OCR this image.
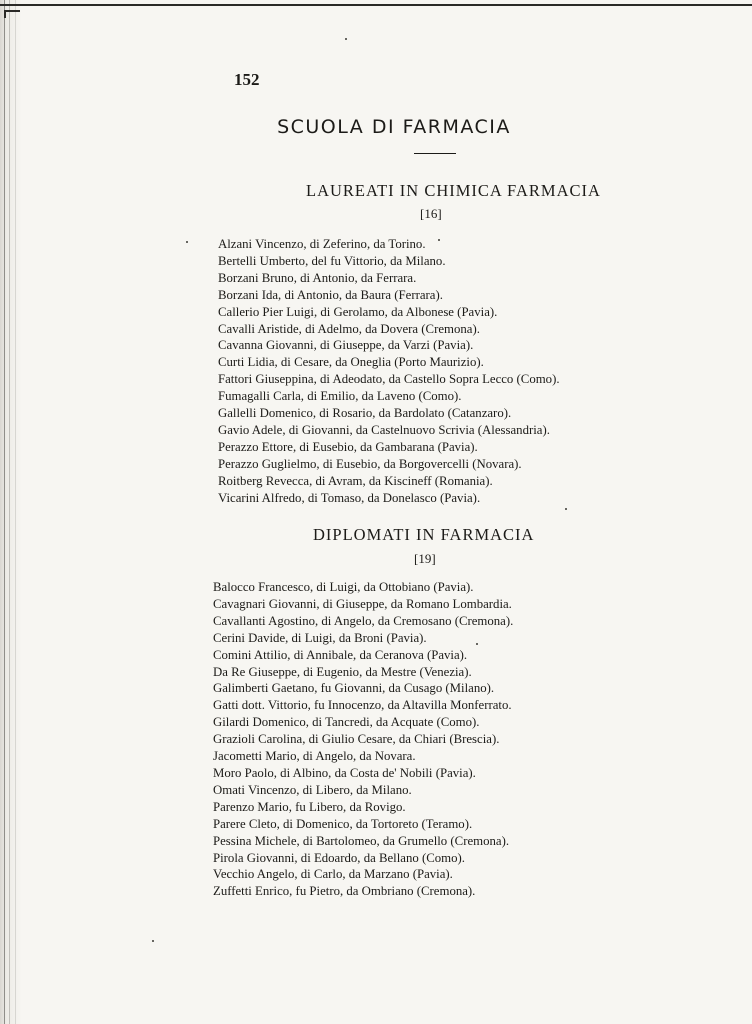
152
SCUOLA DI FARMACIA
LAUREATI IN CHIMICA FARMACIA
[16]
Alzani Vincenzo, di Zeferino, da Torino.
Bertelli Umberto, del fu Vittorio, da Milano.
Borzani Bruno, di Antonio, da Ferrara.
Borzani Ida, di Antonio, da Baura (Ferrara).
Callerio Pier Luigi, di Gerolamo, da Albonese (Pavia).
Cavalli Aristide, di Adelmo, da Dovera (Cremona).
Cavanna Giovanni, di Giuseppe, da Varzi (Pavia).
Curti Lidia, di Cesare, da Oneglia (Porto Maurizio).
Fattori Giuseppina, di Adeodato, da Castello Sopra Lecco (Como).
Fumagalli Carla, di Emilio, da Laveno (Como).
Gallelli Domenico, di Rosario, da Bardolato (Catanzaro).
Gavio Adele, di Giovanni, da Castelnuovo Scrivia (Alessandria).
Perazzo Ettore, di Eusebio, da Gambarana (Pavia).
Perazzo Guglielmo, di Eusebio, da Borgovercelli (Novara).
Roitberg Revecca, di Avram, da Kiscineff (Romania).
Vicarini Alfredo, di Tomaso, da Donelasco (Pavia).
DIPLOMATI IN FARMACIA
[19]
Balocco Francesco, di Luigi, da Ottobiano (Pavia).
Cavagnari Giovanni, di Giuseppe, da Romano Lombardia.
Cavallanti Agostino, di Angelo, da Cremosano (Cremona).
Cerini Davide, di Luigi, da Broni (Pavia).
Comini Attilio, di Annibale, da Ceranova (Pavia).
Da Re Giuseppe, di Eugenio, da Mestre (Venezia).
Galimberti Gaetano, fu Giovanni, da Cusago (Milano).
Gatti dott. Vittorio, fu Innocenzo, da Altavilla Monferrato.
Gilardi Domenico, di Tancredi, da Acquate (Como).
Grazioli Carolina, di Giulio Cesare, da Chiari (Brescia).
Jacometti Mario, di Angelo, da Novara.
Moro Paolo, di Albino, da Costa de' Nobili (Pavia).
Omati Vincenzo, di Libero, da Milano.
Parenzo Mario, fu Libero, da Rovigo.
Parere Cleto, di Domenico, da Tortoreto (Teramo).
Pessina Michele, di Bartolomeo, da Grumello (Cremona).
Pirola Giovanni, di Edoardo, da Bellano (Como).
Vecchio Angelo, di Carlo, da Marzano (Pavia).
Zuffetti Enrico, fu Pietro, da Ombriano (Cremona).
